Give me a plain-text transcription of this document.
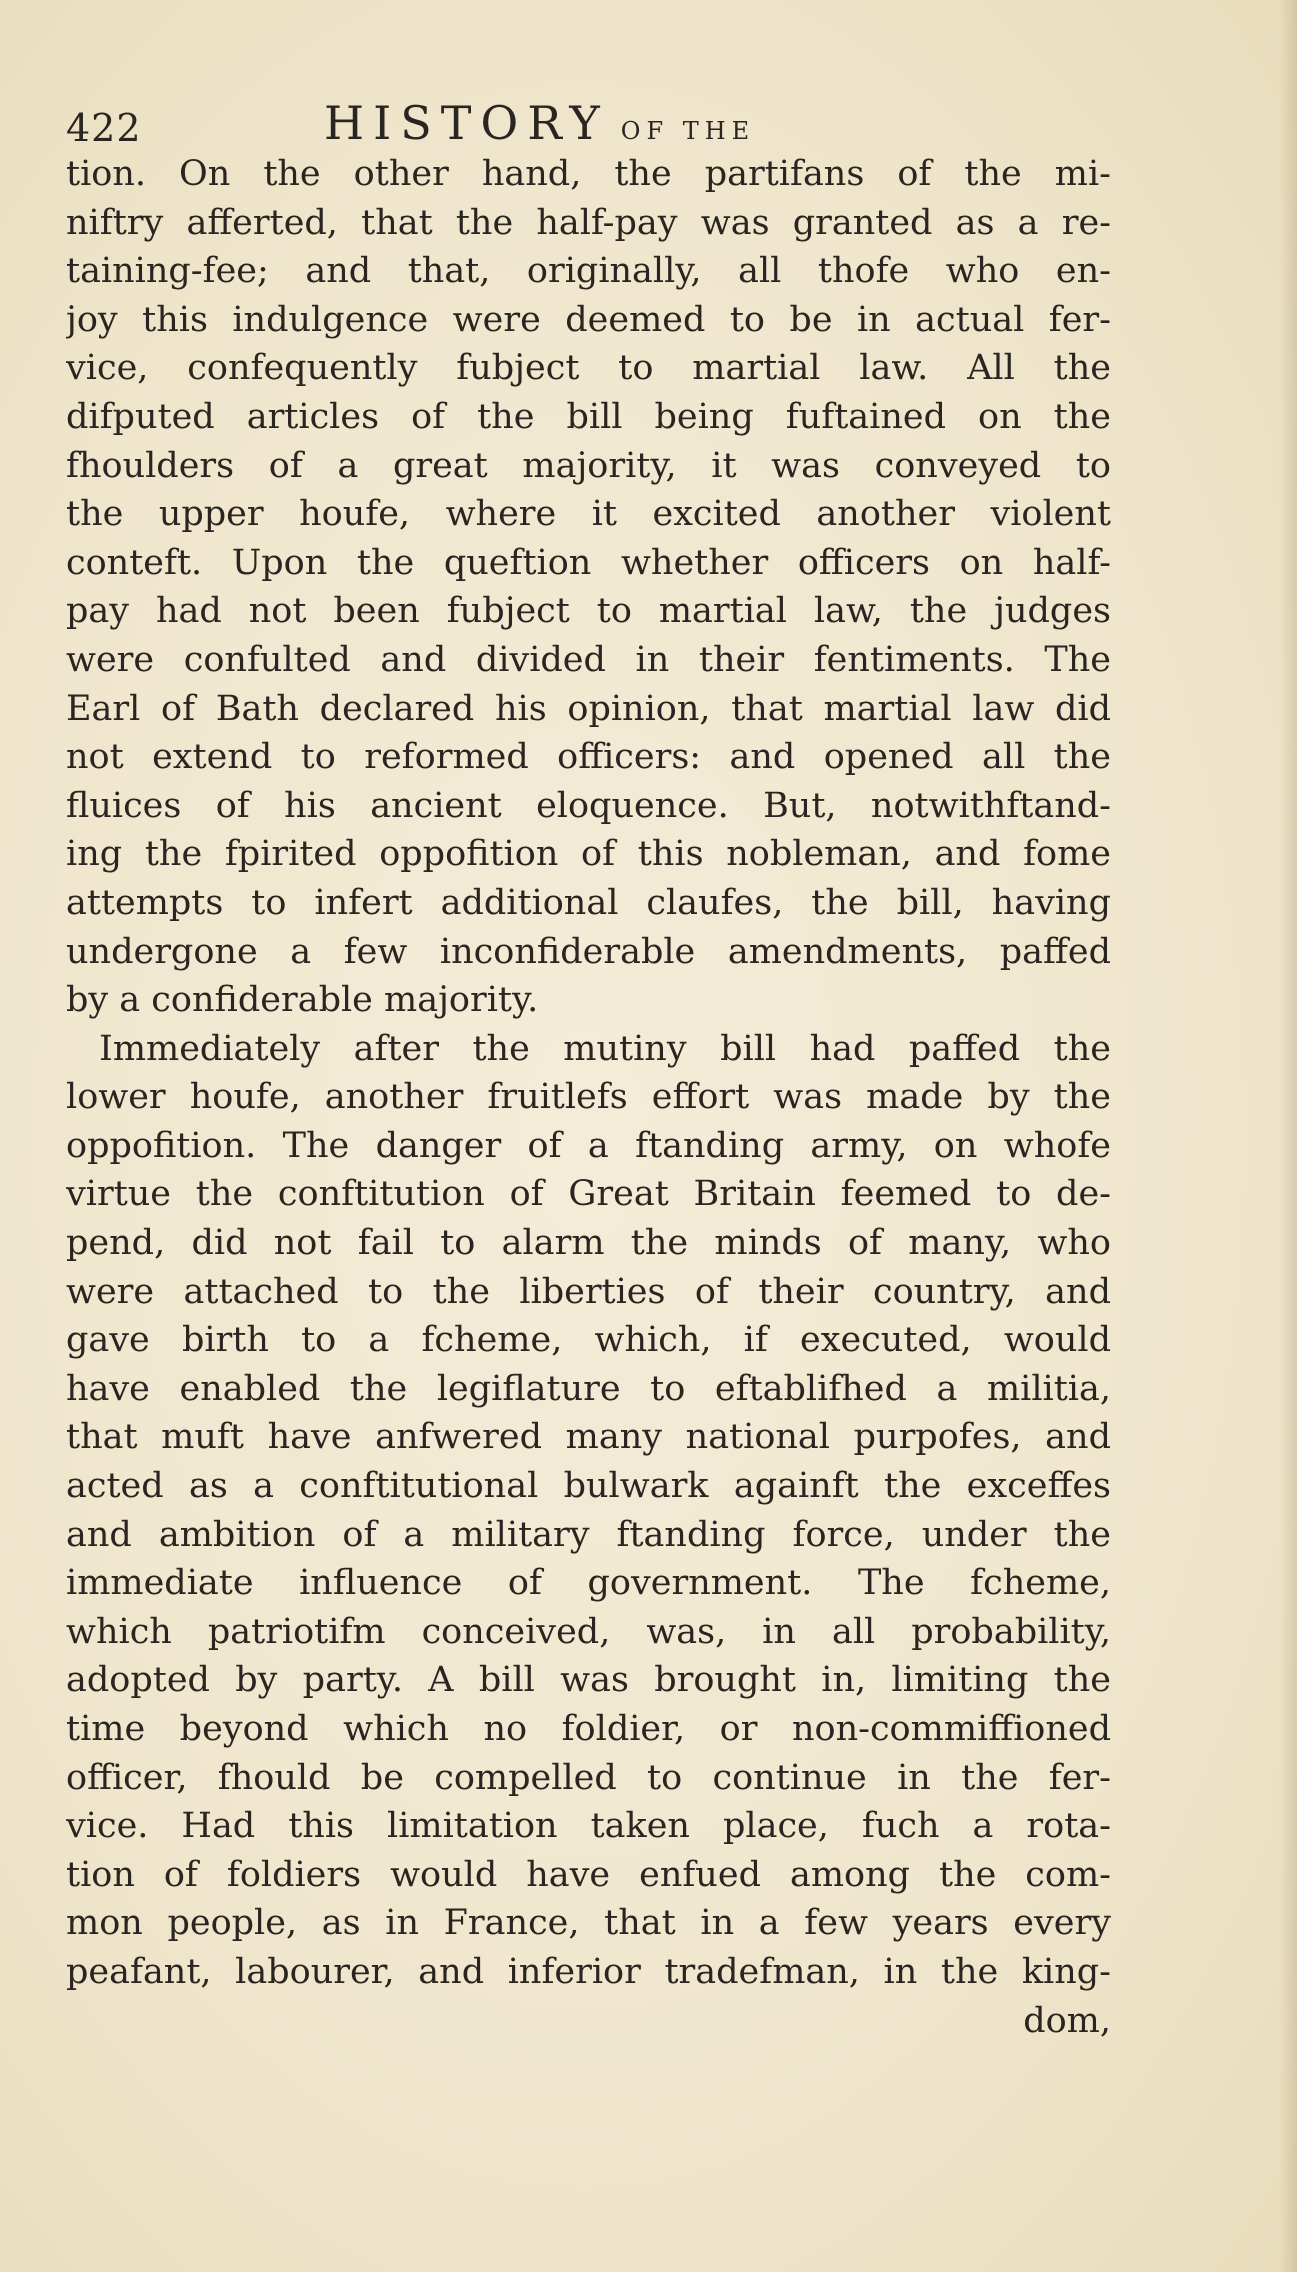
422	HISTORY OF THE
tion. On the other hand, the partifans of the mi-
niftry afferted, that the half-pay was granted as a re-
taining-fee; and that, originally, all thofe who en-
joy this indulgence were deemed to be in actual fer-
vice, confequently fubject to martial law. All the
difputed articles of the bill being fuftained on the
fhoulders of a great majority, it was conveyed to
the upper houfe, where it excited another violent
conteft. Upon the queftion whether officers on half-
pay had not been fubject to martial law, the judges
were confulted and divided in their fentiments. The
Earl of Bath declared his opinion, that martial law did
not extend to reformed officers: and opened all the
fluices of his ancient eloquence. But, notwithftand-
ing the fpirited oppofition of this nobleman, and fome
attempts to infert additional claufes, the bill, having
undergone a few inconfiderable amendments, paffed
by a confiderable majority.
Immediately after the mutiny bill had paffed the
lower houfe, another fruitlefs effort was made by the
oppofition. The danger of a ftanding army, on whofe
virtue the conftitution of Great Britain feemed to de-
pend, did not fail to alarm the minds of many, who
were attached to the liberties of their country, and
gave birth to a fcheme, which, if executed, would
have enabled the legiflature to eftablifhed a militia,
that muft have anfwered many national purpofes, and
acted as a conftitutional bulwark againft the exceffes
and ambition of a military ftanding force, under the
immediate influence of government. The fcheme,
which patriotifm conceived, was, in all probability,
adopted by party. A bill was brought in, limiting the
time beyond which no foldier, or non-commiffioned
officer, fhould be compelled to continue in the fer-
vice. Had this limitation taken place, fuch a rota-
tion of foldiers would have enfued among the com-
mon people, as in France, that in a few years every
peafant, labourer, and inferior tradefman, in the king-
dom,
